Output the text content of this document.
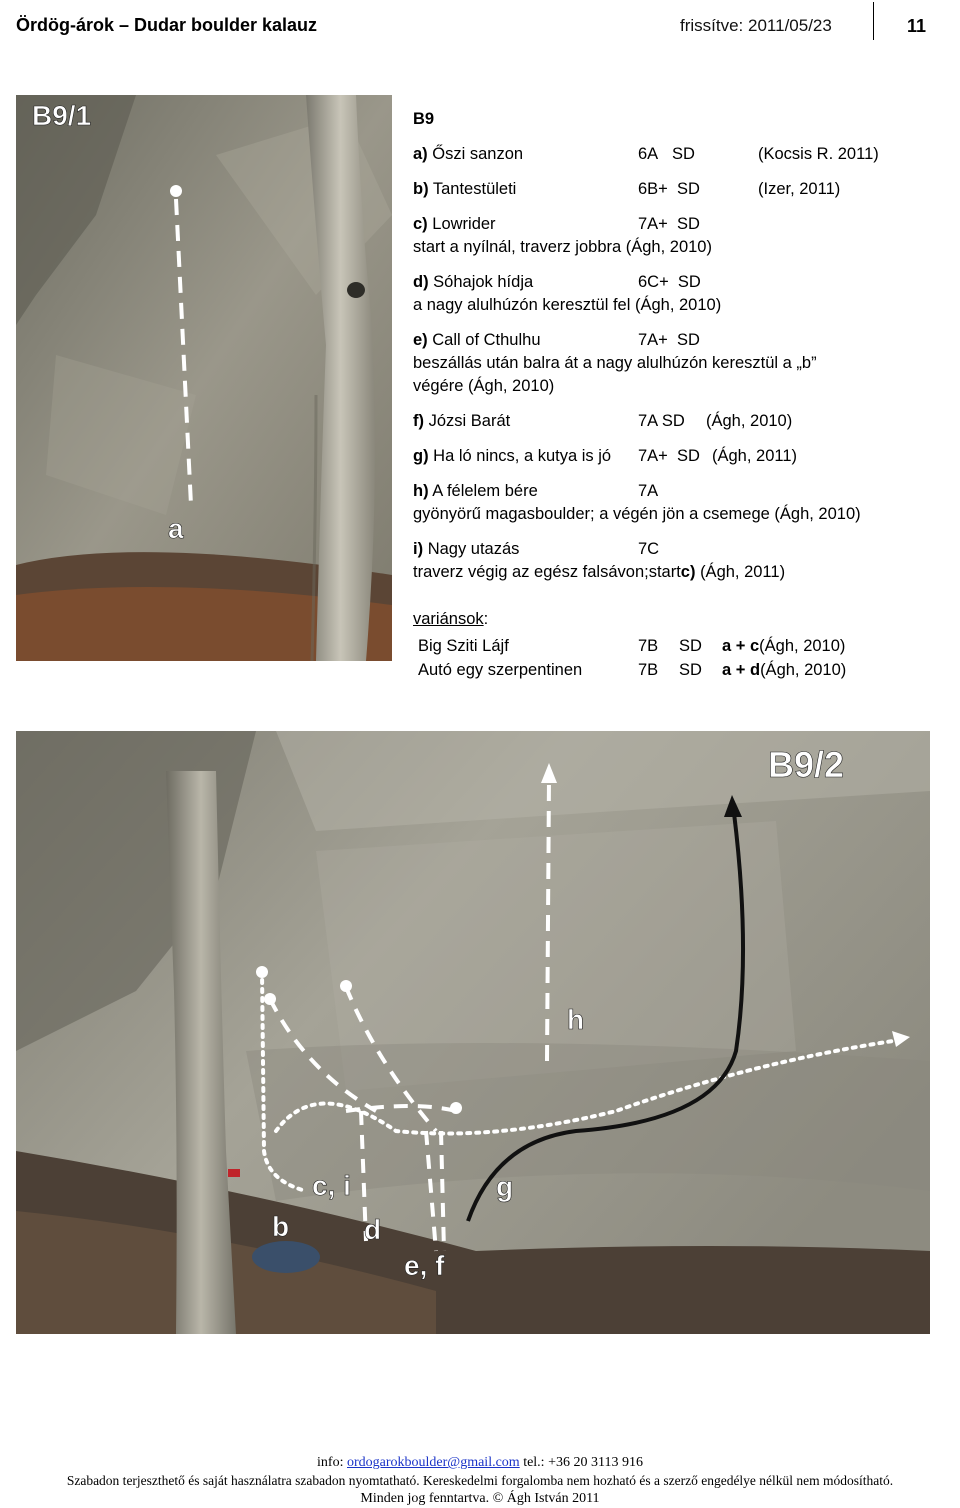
Ördög-árok – Dudar boulder kalauz	frissítve: 2011/05/23	11
B9/1
a
B9
a) Őszi sanzon	6A SD	(Kocsis R. 2011)
b) Tantestületi	6B+ SD	(Izer, 2011)
c) Lowrider	7A+ SD
start a nyílnál, traverz jobbra (Ágh, 2010)
d) Sóhajok hídja	6C+ SD
a nagy alulhúzón keresztül fel (Ágh, 2010)
e) Call of Cthulhu	7A+ SD
beszállás után balra át a nagy alulhúzón keresztül a „b”
végére (Ágh, 2010)
f) Józsi Barát	7A SD (Ágh, 2010)
g) Ha ló nincs, a kutya is jó 7A+ SD (Ágh, 2011)
h) A félelem bére	7A
gyönyörű magasboulder; a végén jön a csemege (Ágh, 2010)
i) Nagy utazás	7C
traverz végig az egész falsávon;startc) (Ágh, 2011)
variánsok:
Big Sziti Lájf	7B SD a + c (Ágh, 2010)
Autó egy szerpentinen	7B SD a + d (Ágh, 2010)
B9/2
h
c, i	g
b	d
e, f
info: ordogarokboulder@gmail.com tel.: +36 20 3113 916
Szabadon terjeszthető és saját használatra szabadon nyomtatható. Kereskedelmi forgalomba nem hozható és a szerző engedélye nélkül nem módosítható.
Minden jog fenntartva. © Ágh István 2011
